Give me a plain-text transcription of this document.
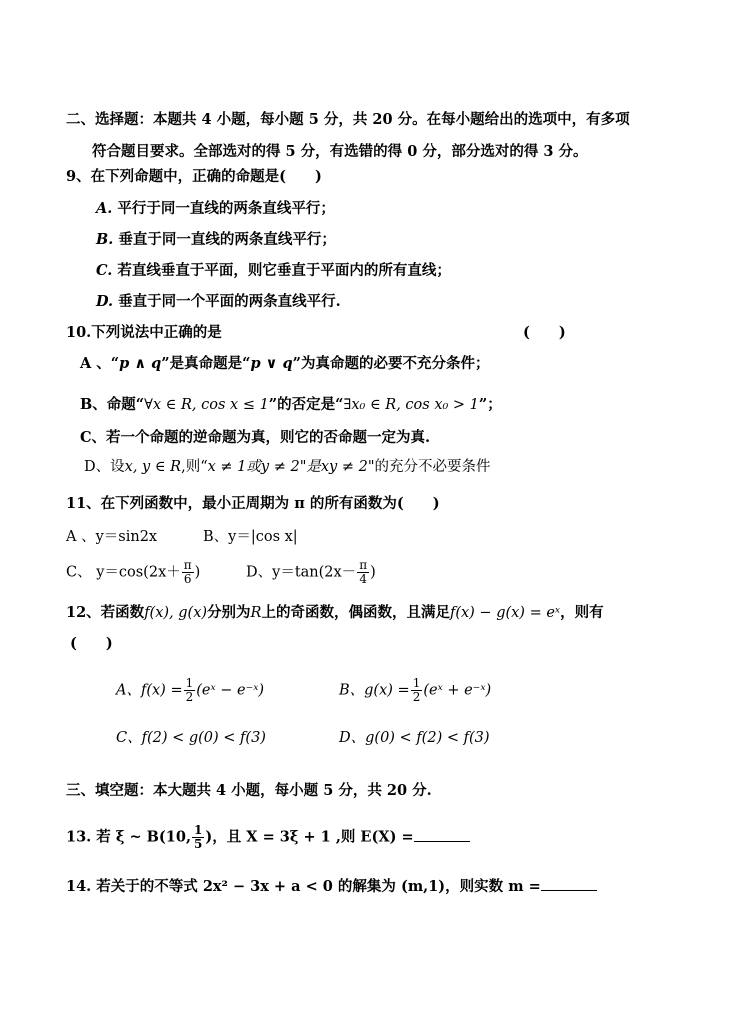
二、选择题：本题共 4 小题，每小题 5 分，共 20 分。在每小题给出的选项中，有多项
符合题目要求。全部选对的得 5 分，有选错的得 0 分，部分选对的得 3 分。
9、在下列命题中，正确的命题是(　　)
A. 平行于同一直线的两条直线平行；
B. 垂直于同一直线的两条直线平行；
C. 若直线垂直于平面，则它垂直于平面内的所有直线；
D. 垂直于同一个平面的两条直线平行.
10.下列说法中正确的是	(　　)
A 、“p ∧ q”是真命题是“p ∨ q”为真命题的必要不充分条件；
B、命题“∀x ∈ R, cos x ≤ 1”的否定是“∃x₀ ∈ R, cos x₀ > 1”；
C、若一个命题的逆命题为真，则它的否命题一定为真.
D、设x, y ∈ R,则“x ≠ 1或y ≠ 2"是xy ≠ 2"的充分不必要条件
11、在下列函数中，最小正周期为 π 的所有函数为(　　)
A 、y＝sin2x	B、y＝|cos x|
C、 $y=\cos(2x+ \frac{\pi}{6}$ )	D、$y=\tan(2x- \frac{\pi}{4}$ )
12、若函数f(x), g(x)分别为R上的奇函数，偶函数，且满足f(x) − g(x) = eˣ，则有
(　　)
A、$f(x) = \frac{1}{2}$ (eˣ − e⁻ˣ)	B、$g(x) = \frac{1}{2}$ (eˣ + e⁻ˣ)
C、f(2) < g(0) < f(3)	D、g(0) < f(2) < f(3)
三、填空题：本大题共 4 小题，每小题 5 分，共 20 分.
13. 若 ξ ~ B(10, $\frac{1}{5}$ )，且 X = 3ξ + 1 ,则 E(X) =
14. 若关于的不等式 2x² − 3x + a < 0 的解集为 (m,1)，则实数 m =
